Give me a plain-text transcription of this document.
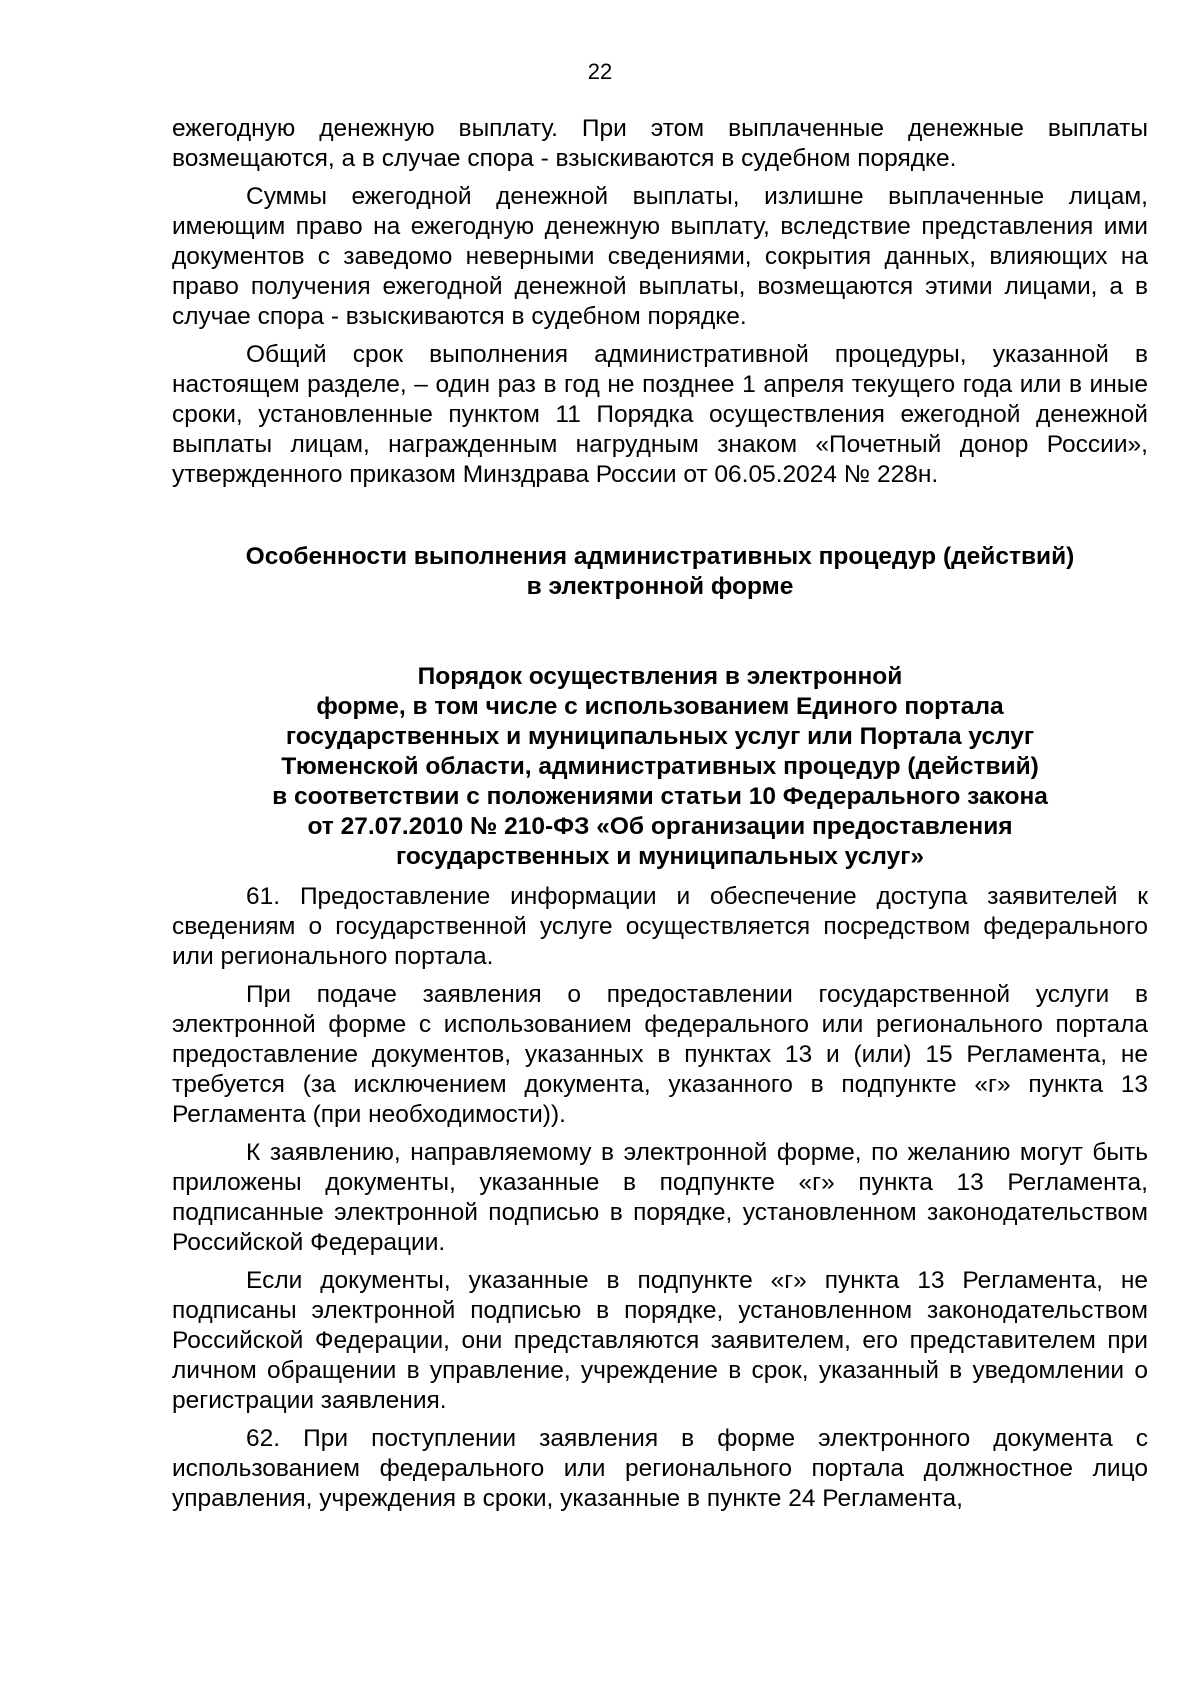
22

ежегодную денежную выплату. При этом выплаченные денежные выплаты возмещаются, а в случае спора - взыскиваются в судебном порядке.

Суммы ежегодной денежной выплаты, излишне выплаченные лицам, имеющим право на ежегодную денежную выплату, вследствие представления ими документов с заведомо неверными сведениями, сокрытия данных, влияющих на право получения ежегодной денежной выплаты, возмещаются этими лицами, а в случае спора - взыскиваются в судебном порядке.

Общий срок выполнения административной процедуры, указанной в настоящем разделе, – один раз в год не позднее 1 апреля текущего года или в иные сроки, установленные пунктом 11 Порядка осуществления ежегодной денежной выплаты лицам, награжденным нагрудным знаком «Почетный донор России», утвержденного приказом Минздрава России от 06.05.2024 № 228н.

Особенности выполнения административных процедур (действий)
в электронной форме
Порядок осуществления в электронной
форме, в том числе с использованием Единого портала
государственных и муниципальных услуг или Портала услуг
Тюменской области, административных процедур (действий)
в соответствии с положениями статьи 10 Федерального закона
от 27.07.2010 № 210-ФЗ «Об организации предоставления
государственных и муниципальных услуг»

61. Предоставление информации и обеспечение доступа заявителей к сведениям о государственной услуге осуществляется посредством федерального или регионального портала.

При подаче заявления о предоставлении государственной услуги в электронной форме с использованием федерального или регионального портала предоставление документов, указанных в пунктах 13 и (или) 15 Регламента, не требуется (за исключением документа, указанного в подпункте «г» пункта 13 Регламента (при необходимости)).

К заявлению, направляемому в электронной форме, по желанию могут быть приложены документы, указанные в подпункте «г» пункта 13 Регламента, подписанные электронной подписью в порядке, установленном законодательством Российской Федерации.

Если документы, указанные в подпункте «г» пункта 13 Регламента, не подписаны электронной подписью в порядке, установленном законодательством Российской Федерации, они представляются заявителем, его представителем при личном обращении в управление, учреждение в срок, указанный в уведомлении о регистрации заявления.

62. При поступлении заявления в форме электронного документа с использованием федерального или регионального портала должностное лицо управления, учреждения в сроки, указанные в пункте 24 Регламента,
